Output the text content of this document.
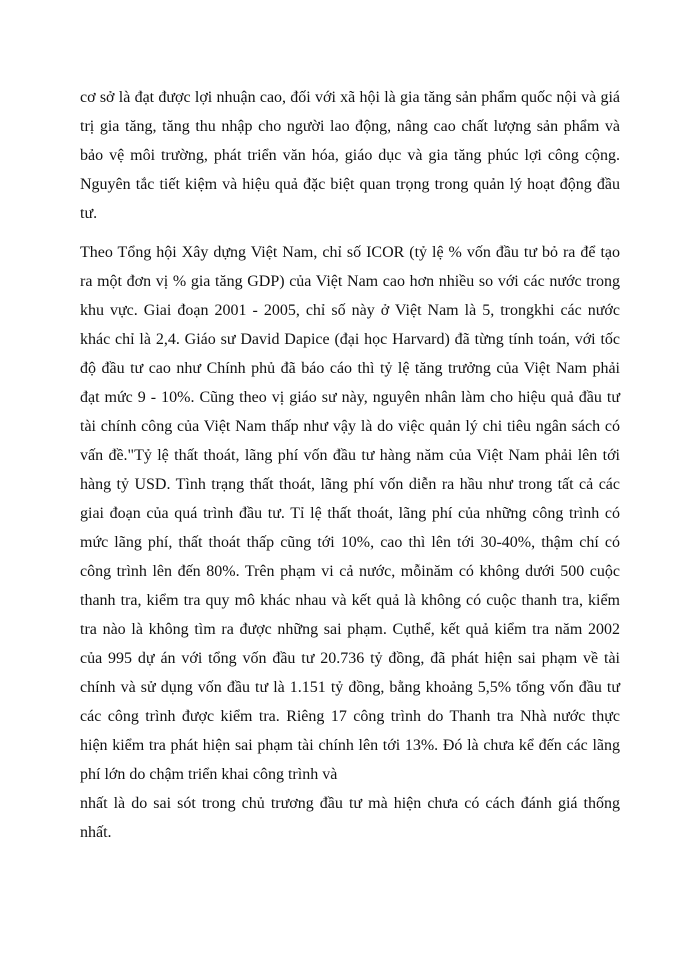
cơ sở là đạt được lợi nhuận cao, đối với xã hội là gia tăng sản phẩm quốc nội và giá

trị gia tăng, tăng thu nhập cho người lao động, nâng cao chất lượng sản phẩm và

bảo vệ môi trường, phát triển văn hóa, giáo dục và gia tăng phúc lợi công cộng.

Nguyên tắc tiết kiệm và hiệu quả đặc biệt quan trọng trong quản lý hoạt động đầu

tư.

Theo Tổng hội Xây dựng Việt Nam, chỉ số ICOR (tỷ lệ % vốn đầu tư bỏ ra để tạo

ra một đơn vị % gia tăng GDP) của Việt Nam cao hơn nhiều so với các nước trong

khu vực. Giai đoạn 2001 - 2005, chỉ số này ở Việt Nam là 5, trongkhi các nước

khác chỉ là 2,4. Giáo sư David Dapice (đại học Harvard) đã từng tính toán, với tốc

độ đầu tư cao như Chính phủ đã báo cáo thì tỷ lệ tăng trưởng của Việt Nam phải

đạt mức 9 - 10%. Cũng theo vị giáo sư này, nguyên nhân làm cho hiệu quả đầu tư

tài chính công của Việt Nam thấp như vậy là do việc quản lý chi tiêu ngân sách có

vấn đề."Tỷ lệ thất thoát, lãng phí vốn đầu tư hàng năm của Việt Nam phải lên tới

hàng tỷ USD. Tình trạng thất thoát, lãng phí vốn diễn ra hầu như trong tất cả các

giai đoạn của quá trình đầu tư. Tỉ lệ thất thoát, lãng phí của những công trình có

mức lãng phí, thất thoát thấp cũng tới 10%, cao thì lên tới 30-40%, thậm chí có

công trình lên đến 80%. Trên phạm vi cả nước, mỗinăm có không dưới 500 cuộc

thanh tra, kiểm tra quy mô khác nhau và kết quả là không có cuộc thanh tra, kiểm

tra nào là không tìm ra được những sai phạm. Cụthể, kết quả kiểm tra năm 2002

của 995 dự án với tổng vốn đầu tư 20.736 tỷ đồng, đã phát hiện sai phạm về tài

chính và sử dụng vốn đầu tư là 1.151 tỷ đồng, bằng khoảng 5,5% tổng vốn đầu tư

các công trình được kiểm tra. Riêng 17 công trình do Thanh tra Nhà nước thực

hiện kiểm tra phát hiện sai phạm tài chính lên tới 13%. Đó là chưa kể đến các lãng

phí lớn do chậm triển khai công trình và

nhất là do sai sót trong chủ trương đầu tư mà hiện chưa có cách đánh giá thống

nhất.
